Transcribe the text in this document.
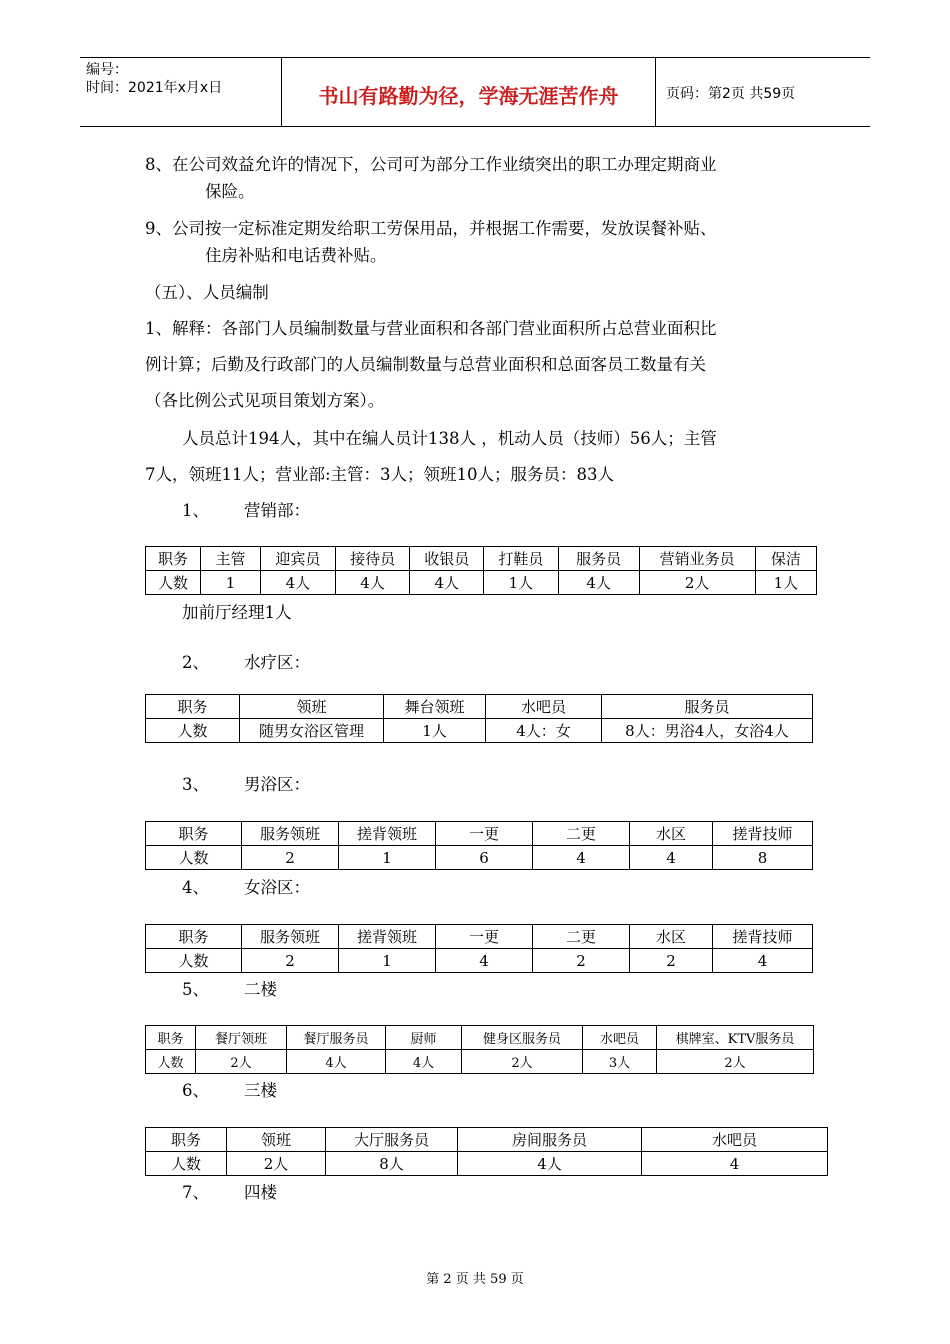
编号：
时间：2021年x月x日	书山有路勤为径，学海无涯苦作舟	页码：第2页 共59页
8、在公司效益允许的情况下，公司可为部分工作业绩突出的职工办理定期商业
保险。
9、公司按一定标准定期发给职工劳保用品，并根据工作需要，发放误餐补贴、
住房补贴和电话费补贴。
（五）、人员编制
1、解释：各部门人员编制数量与营业面积和各部门营业面积所占总营业面积比
例计算；后勤及行政部门的人员编制数量与总营业面积和总面客员工数量有关
（各比例公式见项目策划方案）。
人员总计194人，其中在编人员计138人 ，机动人员（技师）56人；主管
7人，领班11人；营业部:主管：3人；领班10人；服务员：83人
1、 营销部：
职务	主管	迎宾员	接待员	收银员	打鞋员	服务员	营销业务员	保洁
人数	1	4人	4人	4人	1人	4人	2人	1人
加前厅经理1人
2、 水疗区：
职务	领班	舞台领班	水吧员	服务员
人数	随男女浴区管理	1人	4人：女	8人：男浴4人，女浴4人
3、 男浴区：
职务	服务领班	搓背领班	一更	二更	水区	搓背技师
人数	2	1	6	4	4	8
4、 女浴区：
职务	服务领班	搓背领班	一更	二更	水区	搓背技师
人数	2	1	4	2	2	4
5、 二楼
职务	餐厅领班	餐厅服务员	厨师	健身区服务员	水吧员	棋牌室、KTV服务员
人数	2人	4人	4人	2人	3人	2人
6、 三楼
职务	领班	大厅服务员	房间服务员	水吧员
人数	2人	8人	4人	4
7、 四楼
第 2 页 共 59 页
